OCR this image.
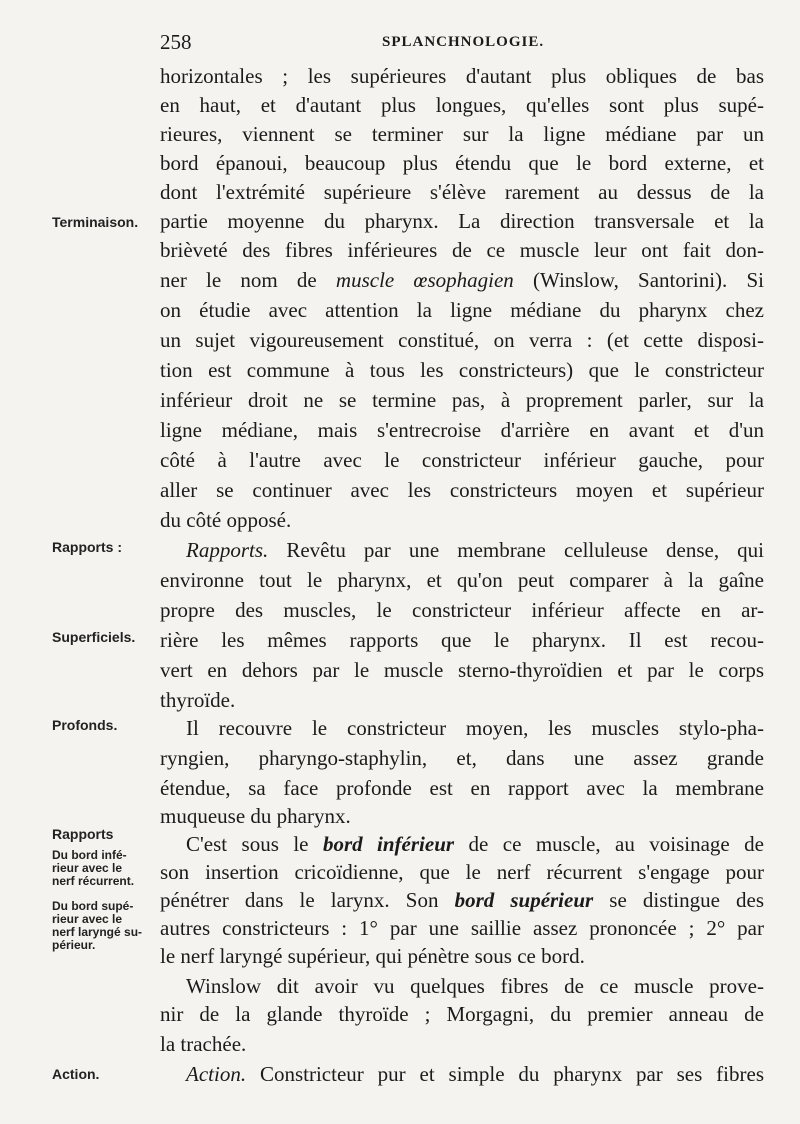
258	SPLANCHNOLOGIE.
Terminaison.
Rapports :
Superficiels.
Profonds.
Rapports
Du bord infé-
rieur avec le
nerf récurrent.
Du bord supé-
rieur avec le
nerf laryngé su-
périeur.
Action.
horizontales ; les supérieures d'autant plus obliques de bas
en haut, et d'autant plus longues, qu'elles sont plus supé-
rieures, viennent se terminer sur la ligne médiane par un
bord épanoui, beaucoup plus étendu que le bord externe, et
dont l'extrémité supérieure s'élève rarement au dessus de la
partie moyenne du pharynx. La direction transversale et la
brièveté des fibres inférieures de ce muscle leur ont fait don-
ner le nom de muscle œsophagien (Winslow, Santorini). Si
on étudie avec attention la ligne médiane du pharynx chez
un sujet vigoureusement constitué, on verra : (et cette disposi-
tion est commune à tous les constricteurs) que le constricteur
inférieur droit ne se termine pas, à proprement parler, sur la
ligne médiane, mais s'entrecroise d'arrière en avant et d'un
côté à l'autre avec le constricteur inférieur gauche, pour
aller se continuer avec les constricteurs moyen et supérieur
du côté opposé.
Rapports. Revêtu par une membrane celluleuse dense, qui
environne tout le pharynx, et qu'on peut comparer à la gaîne
propre des muscles, le constricteur inférieur affecte en ar-
rière les mêmes rapports que le pharynx. Il est recou-
vert en dehors par le muscle sterno-thyroïdien et par le corps
thyroïde.
Il recouvre le constricteur moyen, les muscles stylo-pha-
ryngien, pharyngo-staphylin, et, dans une assez grande
étendue, sa face profonde est en rapport avec la membrane
muqueuse du pharynx.
C'est sous le bord inférieur de ce muscle, au voisinage de
son insertion cricoïdienne, que le nerf récurrent s'engage pour
pénétrer dans le larynx. Son bord supérieur se distingue des
autres constricteurs : 1° par une saillie assez prononcée ; 2° par
le nerf laryngé supérieur, qui pénètre sous ce bord.
Winslow dit avoir vu quelques fibres de ce muscle prove-
nir de la glande thyroïde ; Morgagni, du premier anneau de
la trachée.
Action. Constricteur pur et simple du pharynx par ses fibres
